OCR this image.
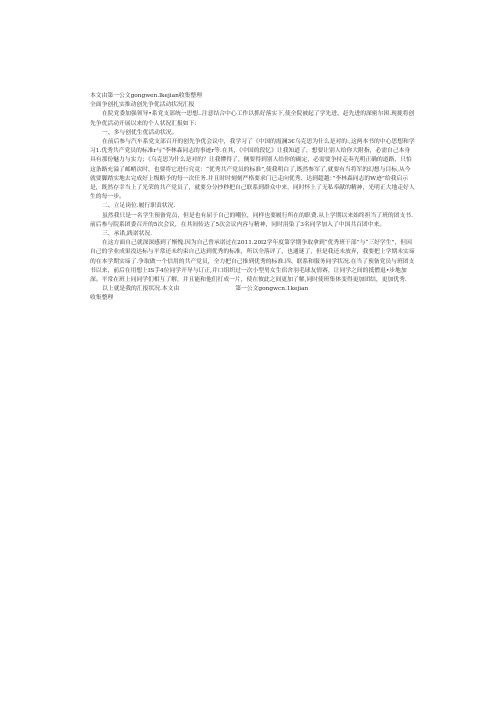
本文由第一公文gongwen.lkejian收集整理
全面争创扎实推动创先争优活动状况汇报
在院党委加强领导•系党支部统一思想..注意结合中心工作以抓好落实下,使全院被起了学先进、赶先进的深密尔困.现拢将创先争优活动开展以来的个人状况汇报如下:
一、多与创优生优活动状况。
在前后参与汽车系党支部召开的创先争优会议中，我学习了《中国的霞澜3€乌克思为什么是对的:,这两本书的中心思想和学习1.优秀共产党员的标准r与“李林森同志的事迹r等.在其，《中国的段忆》让我知道了，想要让别人给你大附指，必需自己本身具有那份魅力与实力；《乌克思为什么是对的？让我懂得了，侧要得到别人给你的确定，必需要争持走奏光明正确的道路，只怕这条路充溢了邮峭次时，也要将它进行究竟：“优秀共产党员的标准”,使我明白了,既然参军了,就要有当将军的幻想与目标,从今就要脚踏实地去完成好上级略予的每一次任务.并且时时刻刻严格要求门已走向优秀、达到超越：”李林森同志的W迹”给我启示是，既然存幸当上了光荣的共产党员了，就要分分抄秒把自己联系到群众中来，同时怀上了无私奉献的精神，光明正大地走好人生的每一步。
二、立足岗位.履行职责状况.
虽然我只是一名学生预备党员，但是也有屈于自己的嘲位，同样也要履行所在的职费.从上学期以来始终担当了班的团支书.前后参与院系团委召开的5次会议，在其间传达了5次会议内容与精神，同时涓染了3名同学加入了中国共百团中来。
三、承诺,践诺状况.
在这方面自己就深深感到了惭愧.因为自己曾承诺过在2011.20l2学年度第学期争取拿到“优秀班干部”与“三好学生”，但因自己的学业成果没达标与平常还未约束自己达到优秀的标准，所以全落评了，也通谜了，但是我还未放弃，我要把上学期未实谛的在本学期实谛了.争取做一个信用的共产党员，全力把自己推到优秀的标准.四、联系和服务同学状况.在当了预备党员与班团支书以来，前后在用想上IS手4位同学开导与订正,并口组织过一次小型男女生宿舍羽毛球友情赛，让同学之间的抵僧退•步地加深。平常在班上同同学们相互了解，并且能和他们打成一片，使在彼此之间更加了解,同时使班集体变得更加团结，更加优秀.
以上就是我的汇报状况.本文由	第一公文gongwcn.1kejian
收集整理
